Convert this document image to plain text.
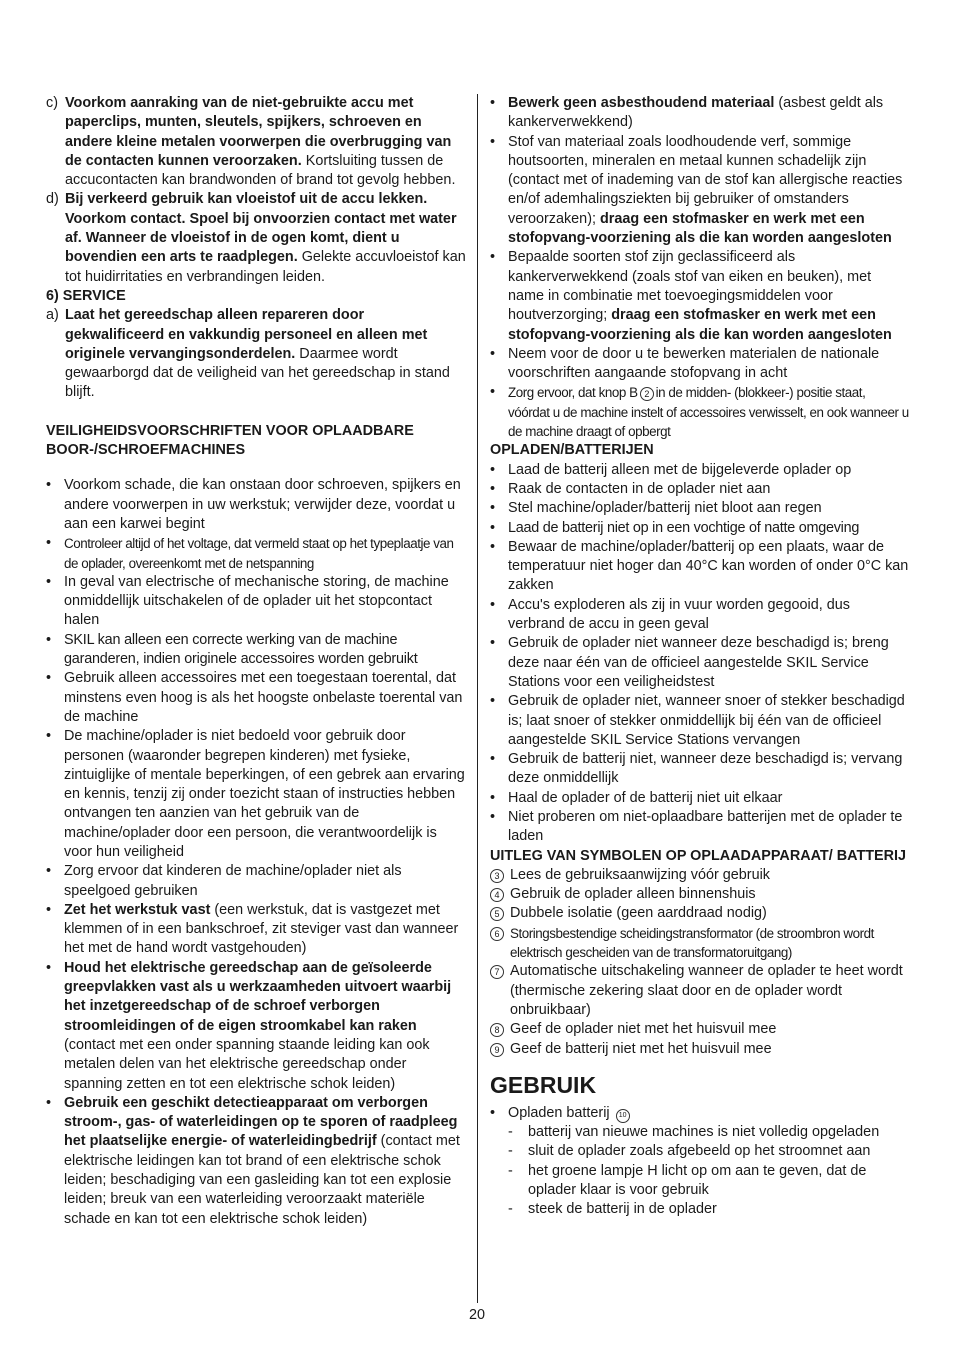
c) Voorkom aanraking van de niet-gebruikte accu met paperclips, munten, sleutels, spijkers, schroeven en andere kleine metalen voorwerpen die overbrugging van de contacten kunnen veroorzaken. Kortsluiting tussen de accucontacten kan brandwonden of brand tot gevolg hebben.
d) Bij verkeerd gebruik kan vloeistof uit de accu lekken. Voorkom contact. Spoel bij onvoorzien contact met water af. Wanneer de vloeistof in de ogen komt, dient u bovendien een arts te raadplegen. Gelekte accuvloeistof kan tot huidirritaties en verbrandingen leiden.
6) SERVICE
a) Laat het gereedschap alleen repareren door gekwalificeerd en vakkundig personeel en alleen met originele vervangingsonderdelen. Daarmee wordt gewaarborgd dat de veiligheid van het gereedschap in stand blijft.
VEILIGHEIDSVOORSCHRIFTEN VOOR OPLAADBARE BOOR-/SCHROEFMACHINES
• Voorkom schade, die kan onstaan door schroeven, spijkers en andere voorwerpen in uw werkstuk; verwijder deze, voordat u aan een karwei begint
• Controleer altijd of het voltage, dat vermeld staat op het typeplaatje van de oplader, overeenkomt met de netspanning
• In geval van electrische of mechanische storing, de machine onmiddellijk uitschakelen of de oplader uit het stopcontact halen
• SKIL kan alleen een correcte werking van de machine garanderen, indien originele accessoires worden gebruikt
• Gebruik alleen accessoires met een toegestaan toerental, dat minstens even hoog is als het hoogste onbelaste toerental van de machine
• De machine/oplader is niet bedoeld voor gebruik door personen (waaronder begrepen kinderen) met fysieke, zintuiglijke of mentale beperkingen, of een gebrek aan ervaring en kennis, tenzij zij onder toezicht staan of instructies hebben ontvangen ten aanzien van het gebruik van de machine/oplader door een persoon, die verantwoordelijk is voor hun veiligheid
• Zorg ervoor dat kinderen de machine/oplader niet als speelgoed gebruiken
• Zet het werkstuk vast (een werkstuk, dat is vastgezet met klemmen of in een bankschroef, zit steviger vast dan wanneer het met de hand wordt vastgehouden)
• Houd het elektrische gereedschap aan de geïsoleerde greepvlakken vast als u werkzaamheden uitvoert waarbij het inzetgereedschap of de schroef verborgen stroomleidingen of de eigen stroomkabel kan raken (contact met een onder spanning staande leiding kan ook metalen delen van het elektrische gereedschap onder spanning zetten en tot een elektrische schok leiden)
• Gebruik een geschikt detectieapparaat om verborgen stroom-, gas- of waterleidingen op te sporen of raadpleeg het plaatselijke energie- of waterleidingbedrijf (contact met elektrische leidingen kan tot brand of een elektrische schok leiden; beschadiging van een gasleiding kan tot een explosie leiden; breuk van een waterleiding veroorzaakt materiële schade en kan tot een elektrische schok leiden)
• Bewerk geen asbesthoudend materiaal (asbest geldt als kankerverwekkend)
• Stof van materiaal zoals loodhoudende verf, sommige houtsoorten, mineralen en metaal kunnen schadelijk zijn (contact met of inademing van de stof kan allergische reacties en/of ademhalingsziekten bij gebruiker of omstanders veroorzaken); draag een stofmasker en werk met een stofopvang-voorziening als die kan worden aangesloten
• Bepaalde soorten stof zijn geclassificeerd als kankerverwekkend (zoals stof van eiken en beuken), met name in combinatie met toevoegingsmiddelen voor houtverzorging; draag een stofmasker en werk met een stofopvang-voorziening als die kan worden aangesloten
• Neem voor de door u te bewerken materialen de nationale voorschriften aangaande stofopvang in acht
• Zorg ervoor, dat knop B 2 in de midden- (blokkeer-) positie staat, vóórdat u de machine instelt of accessoires verwisselt, en ook wanneer u de machine draagt of opbergt
OPLADEN/BATTERIJEN
• Laad de batterij alleen met de bijgeleverde oplader op
• Raak de contacten in de oplader niet aan
• Stel machine/oplader/batterij niet bloot aan regen
• Laad de batterij niet op in een vochtige of natte omgeving
• Bewaar de machine/oplader/batterij op een plaats, waar de temperatuur niet hoger dan 40°C kan worden of onder 0°C kan zakken
• Accu's exploderen als zij in vuur worden gegooid, dus verbrand de accu in geen geval
• Gebruik de oplader niet wanneer deze beschadigd is; breng deze naar één van de officieel aangestelde SKIL Service Stations voor een veiligheidstest
• Gebruik de oplader niet, wanneer snoer of stekker beschadigd is; laat snoer of stekker onmiddellijk bij één van de officieel aangestelde SKIL Service Stations vervangen
• Gebruik de batterij niet, wanneer deze beschadigd is; vervang deze onmiddellijk
• Haal de oplader of de batterij niet uit elkaar
• Niet proberen om niet-oplaadbare batterijen met de oplader te laden
UITLEG VAN SYMBOLEN OP OPLAADAPPARAAT/ BATTERIJ
3 Lees de gebruiksaanwijzing vóór gebruik
4 Gebruik de oplader alleen binnenshuis
5 Dubbele isolatie (geen aarddraad nodig)
6 Storingsbestendige scheidingstransformator (de stroombron wordt elektrisch gescheiden van de transformatoruitgang)
7 Automatische uitschakeling wanneer de oplader te heet wordt (thermische zekering slaat door en de oplader wordt onbruikbaar)
8 Geef de oplader niet met het huisvuil mee
9 Geef de batterij niet met het huisvuil mee
GEBRUIK
• Opladen batterij 10
-	batterij van nieuwe machines is niet volledig opgeladen
-	sluit de oplader zoals afgebeeld op het stroomnet aan
-	het groene lampje H licht op om aan te geven, dat de oplader klaar is voor gebruik
-	steek de batterij in de oplader
20
